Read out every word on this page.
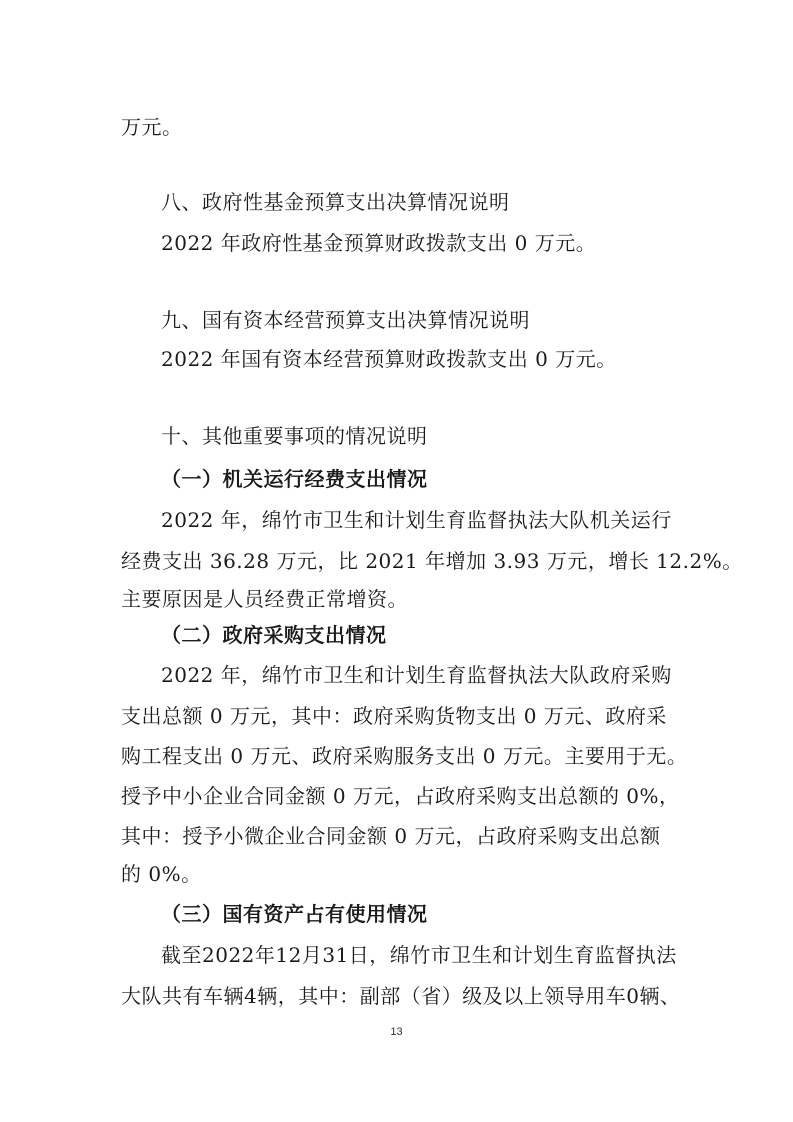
万元。
八、政府性基金预算支出决算情况说明
2022 年政府性基金预算财政拨款支出 0 万元。
九、国有资本经营预算支出决算情况说明
2022 年国有资本经营预算财政拨款支出 0 万元。
十、其他重要事项的情况说明
（一）机关运行经费支出情况
2022 年，绵竹市卫生和计划生育监督执法大队机关运行
经费支出 36.28 万元，比 2021 年增加 3.93 万元，增长 12.2%。
主要原因是人员经费正常增资。
（二）政府采购支出情况
2022 年，绵竹市卫生和计划生育监督执法大队政府采购
支出总额 0 万元，其中：政府采购货物支出 0 万元、政府采
购工程支出 0 万元、政府采购服务支出 0 万元。主要用于无。
授予中小企业合同金额 0 万元，占政府采购支出总额的 0%，
其中：授予小微企业合同金额 0 万元，占政府采购支出总额
的 0%。
（三）国有资产占有使用情况
截至2022年12月31日，绵竹市卫生和计划生育监督执法
大队共有车辆4辆，其中：副部（省）级及以上领导用车0辆、
13
